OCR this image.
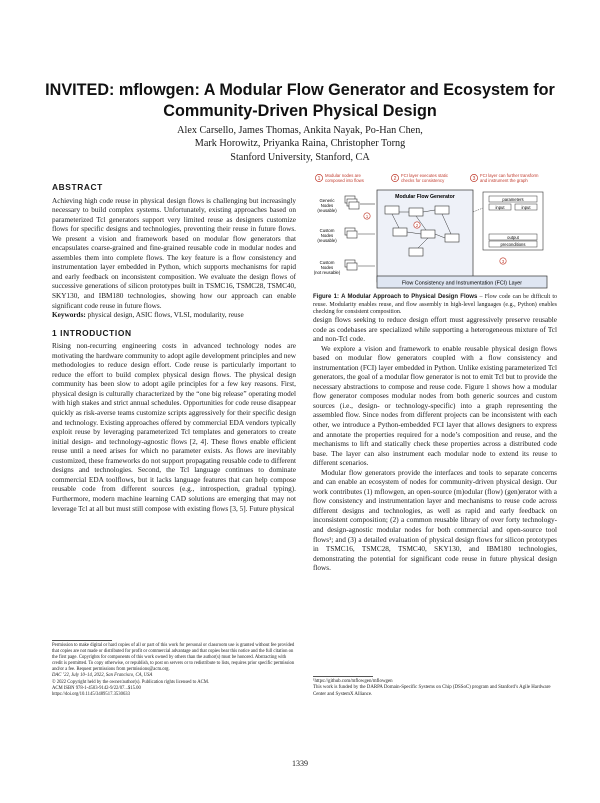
INVITED: mflowgen: A Modular Flow Generator and Ecosystem for Community-Driven Physical Design
Alex Carsello, James Thomas, Ankita Nayak, Po-Han Chen,
Mark Horowitz, Priyanka Raina, Christopher Torng
Stanford University, Stanford, CA
ABSTRACT

Achieving high code reuse in physical design flows is challenging but increasingly necessary to build complex systems. Unfortunately, existing approaches based on parameterized Tcl generators support very limited reuse as designers customize flows for specific designs and technologies, preventing their reuse in future flows. We present a vision and framework based on modular flow generators that encapsulates coarse-grained and fine-grained reusable code in modular nodes and assembles them into complete flows. The key feature is a flow consistency and instrumentation layer embedded in Python, which supports mechanisms for rapid and early feedback on inconsistent composition. We evaluate the design flows of successive generations of silicon prototypes built in TSMC16, TSMC28, TSMC40, SKY130, and IBM180 technologies, showing how our approach can enable significant code reuse in future flows.

Keywords: physical design, ASIC flows, VLSI, modularity, reuse

1 INTRODUCTION

Rising non-recurring engineering costs in advanced technology nodes are motivating the hardware community to adopt agile development principles and new methodologies to reduce design effort. Code reuse is particularly important to reduce the effort to build complex physical design flows. The physical design community has been slow to adopt agile principles for a few key reasons. First, physical design is culturally characterized by the “one big release” operating model with high stakes and strict annual schedules. Opportunities for code reuse disappear quickly as risk-averse teams customize scripts aggressively for their specific design and technology. Existing approaches offered by commercial EDA vendors typically exploit reuse by leveraging parameterized Tcl templates and generators to create initial design- and technology-agnostic flows [2, 4]. These flows enable efficient reuse until a need arises for which no parameter exists. As flows are inevitably customized, these frameworks do not support propagating reusable code to different designs and technologies. Second, the Tcl language continues to dominate commercial EDA toolflows, but it lacks language features that can help compose reusable code from different sources (e.g., introspection, gradual typing). Furthermore, modern machine learning CAD solutions are emerging that may not leverage Tcl at all but must still compose with existing flows [3, 5]. Future physical

Permission to make digital or hard copies of all or part of this work for personal or classroom use is granted without fee provided that copies are not made or distributed for profit or commercial advantage and that copies bear this notice and the full citation on the first page. Copyrights for components of this work owned by others than the author(s) must be honored. Abstracting with credit is permitted. To copy otherwise, or republish, to post on servers or to redistribute to lists, requires prior specific permission and/or a fee. Request permissions from permissions@acm.org.

DAC ’22, July 10–14, 2022, San Francisco, CA, USA

© 2022 Copyright held by the owner/author(s). Publication rights licensed to ACM.

ACM ISBN 978-1-4503-9142-9/22/07...$15.00

https://doi.org/10.1145/3489517.3530633

1
Modular nodes are composed into flows	2
FCI layer executes static checks for consistency	3
FCI layer can further transform and instrument the graph
Generic Nodes (reusable)
Custom Nodes (reusable)
Custom Nodes (not reusable)
1
Modular Flow Generator
2
parameters
input	input
output
preconditions
3
Flow Consistency and Instrumentation (FCI) Layer
Figure 1: A Modular Approach to Physical Design Flows – Flow code can be difficult to reuse. Modularity enables reuse, and flow assembly in high-level languages (e.g., Python) enables checking for consistent composition.

design flows seeking to reduce design effort must aggressively preserve reusable code as codebases are specialized while supporting a heterogeneous mixture of Tcl and non-Tcl code.

We explore a vision and framework to enable reusable physical design flows based on modular flow generators coupled with a flow consistency and instrumentation (FCI) layer embedded in Python. Unlike existing parameterized Tcl generators, the goal of a modular flow generator is not to emit Tcl but to provide the necessary abstractions to compose and reuse code. Figure 1 shows how a modular flow generator composes modular nodes from both generic sources and custom sources (i.e., design- or technology-specific) into a graph representing the assembled flow. Since nodes from different projects can be inconsistent with each other, we introduce a Python-embedded FCI layer that allows designers to express and annotate the properties required for a node’s composition and reuse, and the mechanisms to lift and statically check these properties across a distributed code base. The layer can also instrument each modular node to extend its reuse to different scenarios.

Modular flow generators provide the interfaces and tools to separate concerns and can enable an ecosystem of nodes for community-driven physical design. Our work contributes (1) mflowgen, an open-source (m)odular (flow) (gen)erator with a flow consistency and instrumentation layer and mechanisms to reuse code across different designs and technologies, as well as rapid and early feedback on inconsistent composition; (2) a common reusable library of over forty technology- and design-agnostic modular nodes for both commercial and open-source tool flows¹; and (3) a detailed evaluation of physical design flows for silicon prototypes in TSMC16, TSMC28, TSMC40, SKY130, and IBM180 technologies, demonstrating the potential for significant code reuse in future physical design flows.

¹https://github.com/mflowgen/mflowgen

This work is funded by the DARPA Domain-Specific Systems on Chip (DSSoC) program and Stanford’s Agile Hardware Center and SystemX Alliance.

1339
